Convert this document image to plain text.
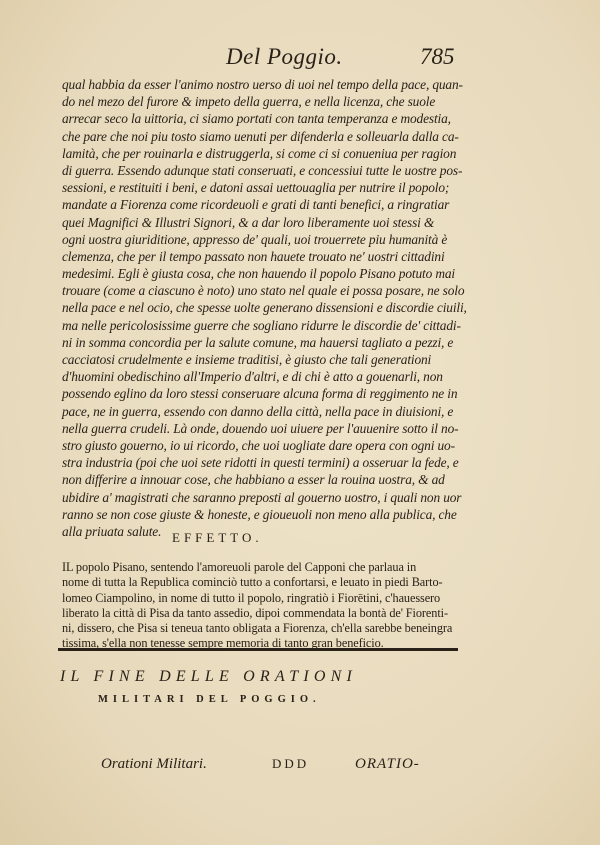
Del Poggio.	785
qual habbia da esser l'animo nostro uerso di uoi nel tempo della pace, quan-
do nel mezo del furore & impeto della guerra, e nella licenza, che suole
arrecar seco la uittoria, ci siamo portati con tanta temperanza e modestia,
che pare che noi piu tosto siamo uenuti per difenderla e solleuarla dalla ca-
lamità, che per rouinarla e distruggerla, si come ci si conueniua per ragion
di guerra. Essendo adunque stati conseruati, e concessiui tutte le uostre pos-
sessioni, e restituiti i beni, e datoni assai uettouaglia per nutrire il popolo;
mandate a Fiorenza come ricordeuoli e grati di tanti benefici, a ringratiar
quei Magnifici & Illustri Signori, & a dar loro liberamente uoi stessi &
ogni uostra giuriditione, appresso de' quali, uoi trouerrete piu humanità è
clemenza, che per il tempo passato non hauete trouato ne' uostri cittadini
medesimi. Egli è giusta cosa, che non hauendo il popolo Pisano potuto mai
trouare (come a ciascuno è noto) uno stato nel quale ei possa posare, ne solo
nella pace e nel ocio, che spesse uolte generano dissensioni e discordie ciuili,
ma nelle pericolosissime guerre che sogliano ridurre le discordie de' cittadi-
ni in somma concordia per la salute comune, ma hauersi tagliato a pezzi, e
cacciatosi crudelmente e insieme traditisi, è giusto che tali generationi
d'huomini obedischino all'Imperio d'altri, e di chi è atto a gouenarli, non
possendo eglino da loro stessi conseruare alcuna forma di reggimento ne in
pace, ne in guerra, essendo con danno della città, nella pace in diuisioni, e
nella guerra crudeli. Là onde, douendo uoi uiuere per l'auuenire sotto il no-
stro giusto gouerno, io ui ricordo, che uoi uogliate dare opera con ogni uo-
stra industria (poi che uoi sete ridotti in questi termini) a osseruar la fede, e
non differire a innouar cose, che habbiano a esser la rouina uostra, & ad
ubidire a' magistrati che saranno preposti al gouerno uostro, i quali non uor
ranno se non cose giuste & honeste, e gioueuoli non meno alla publica, che
alla priuata salute. EFFETTO.
IL popolo Pisano, sentendo l'amoreuoli parole del Capponi che parlaua in
nome di tutta la Republica cominciò tutto a confortarsi, e leuato in piedi Barto-
lomeo Ciampolino, in nome di tutto il popolo, ringratiò i Fiorētini, c'hauessero
liberato la città di Pisa da tanto assedio, dipoi commendata la bontà de' Fiorenti-
ni, dissero, che Pisa si teneua tanto obligata a Fiorenza, ch'ella sarebbe beneingra
tissima, s'ella non tenesse sempre memoria di tanto gran beneficio.
IL FINE DELLE ORATIONI
MILITARI DEL POGGIO.
Orationi Militari.	DDD	ORATIO-
